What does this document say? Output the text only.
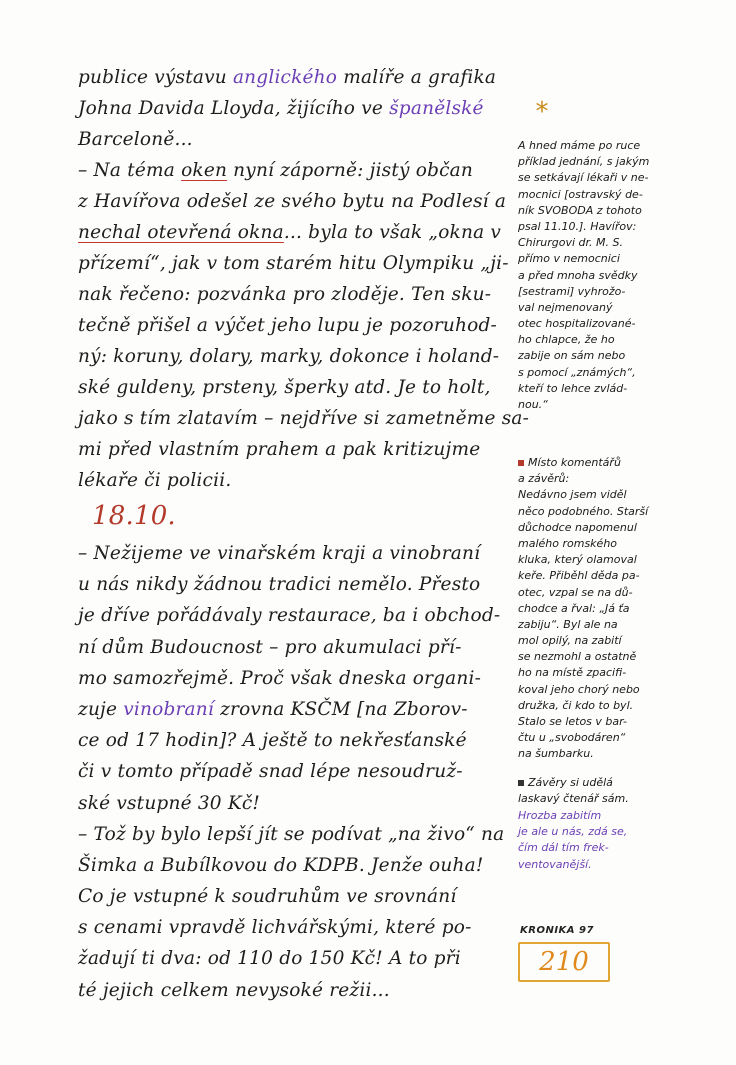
publice výstavu anglického malíře a grafika
Johna Davida Lloyda, žijícího ve španělské
Barceloně...
– Na téma oken nyní záporně: jistý občan
z Havířova odešel ze svého bytu na Podlesí a
nechal otevřená okna... byla to však „okna v
přízemí“, jak v tom starém hitu Olympiku „ji-
nak řečeno: pozvánka pro zloděje. Ten sku-
tečně přišel a výčet jeho lupu je pozoruhod-
ný: koruny, dolary, marky, dokonce i holand-
ské guldeny, prsteny, šperky atd. Je to holt,
jako s tím zlatavím – nejdříve si zametněme sa-
mi před vlastním prahem a pak kritizujme
lékaře či policii.
18.10.
– Nežijeme ve vinařském kraji a vinobraní
u nás nikdy žádnou tradici nemělo. Přesto
je dříve pořádávaly restaurace, ba i obchod-
ní dům Budoucnost – pro akumulaci pří-
mo samozřejmě. Proč však dneska organi-
zuje vinobraní zrovna KSČM [na Zborov-
ce od 17 hodin]? A ještě to nekřesťanské
či v tomto případě snad lépe nesoudruž-
ské vstupné 30 Kč!
– Tož by bylo lepší jít se podívat „na živo“ na
Šimka a Bubílkovou do KDPB. Jenže ouha!
Co je vstupné k soudruhům ve srovnání
s cenami vpravdě lichvářskými, které po-
žadují ti dva: od 110 do 150 Kč! A to při
té jejich celkem nevysoké režii...
*
A hned máme po ruce
příklad jednání, s jakým
se setkávají lékaři v ne-
mocnici [ostravský de-
ník SVOBODA z tohoto
psal 11.10.]. Havířov:
Chirurgovi dr. M. S.
přímo v nemocnici
a před mnoha svědky
[sestrami] vyhrožo-
val nejmenovaný
otec hospitalizované-
ho chlapce, že ho
zabije on sám nebo
s pomocí „známých“,
kteří to lehce zvlád-
nou.“
Místo komentářů
a závěrů:
Nedávno jsem viděl
něco podobného. Starší
důchodce napomenul
malého romského
kluka, který olamoval
keře. Přiběhl děda pa-
otec, vzpal se na dů-
chodce a řval: „Já ťa
zabiju“. Byl ale na
mol opilý, na zabití
se nezmohl a ostatně
ho na místě zpacifi-
koval jeho chorý nebo
družka, či kdo to byl.
Stalo se letos v bar-
čtu u „svobodáren“
na šumbarku.
Závěry si udělá
laskavý čtenář sám.
Hrozba zabitím
je ale u nás, zdá se,
čím dál tím frek-
ventovanější.
KRONIKA 97
210
